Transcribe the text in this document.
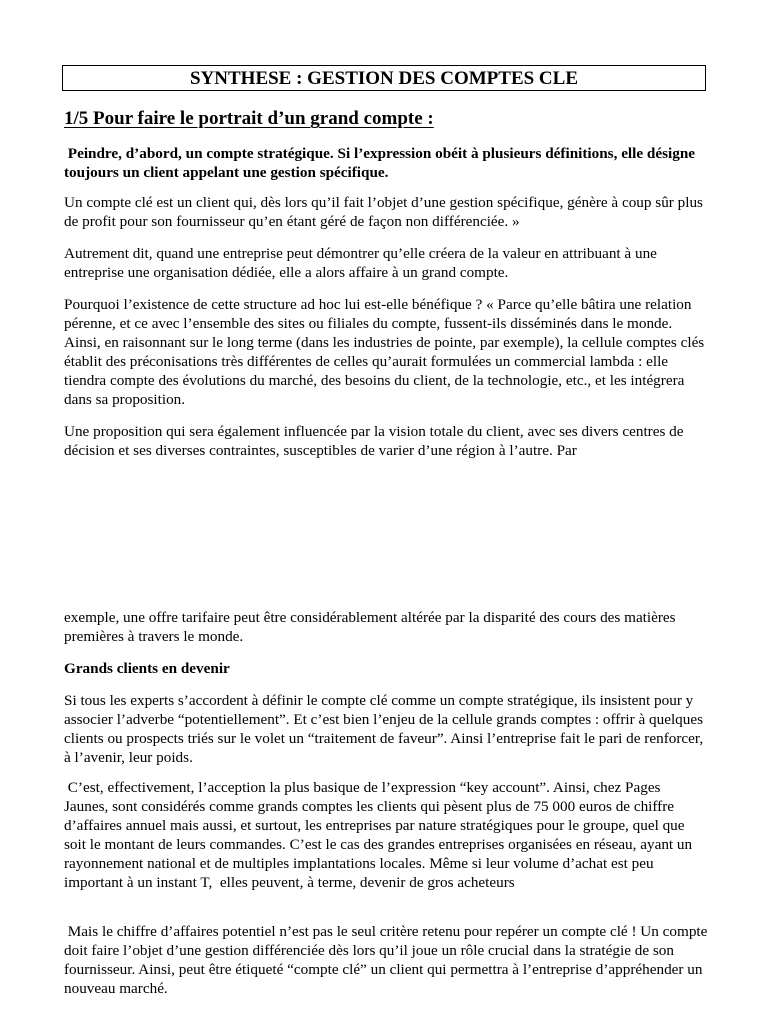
SYNTHESE : GESTION DES COMPTES CLE
1/5 Pour faire le portrait d’un grand compte :

Peindre, d’abord, un compte stratégique. Si l’expression obéit à plusieurs définitions, elle désigne toujours un client appelant une gestion spécifique.

Un compte clé est un client qui, dès lors qu’il fait l’objet d’une gestion spécifique, génère à coup sûr plus de profit pour son fournisseur qu’en étant géré de façon non différenciée. »

Autrement dit, quand une entreprise peut démontrer qu’elle créera de la valeur en attribuant à une entreprise une organisation dédiée, elle a alors affaire à un grand compte.

Pourquoi l’existence de cette structure ad hoc lui est-elle bénéfique ? « Parce qu’elle bâtira une relation pérenne, et ce avec l’ensemble des sites ou filiales du compte, fussent-ils disséminés dans le monde. Ainsi, en raisonnant sur le long terme (dans les industries de pointe, par exemple), la cellule comptes clés établit des préconisations très différentes de celles qu’aurait formulées un commercial lambda : elle tiendra compte des évolutions du marché, des besoins du client, de la technologie, etc., et les intégrera dans sa proposition.

Une proposition qui sera également influencée par la vision totale du client, avec ses divers centres de décision et ses diverses contraintes, susceptibles de varier d’une région à l’autre. Par

exemple, une offre tarifaire peut être considérablement altérée par la disparité des cours des matières premières à travers le monde.

Grands clients en devenir

Si tous les experts s’accordent à définir le compte clé comme un compte stratégique, ils insistent pour y associer l’adverbe “potentiellement”. Et c’est bien l’enjeu de la cellule grands comptes : offrir à quelques clients ou prospects triés sur le volet un “traitement de faveur”. Ainsi l’entreprise fait le pari de renforcer, à l’avenir, leur poids.

C’est, effectivement, l’acception la plus basique de l’expression “key account”. Ainsi, chez Pages Jaunes, sont considérés comme grands comptes les clients qui pèsent plus de 75 000 euros de chiffre d’affaires annuel mais aussi, et surtout, les entreprises par nature stratégiques pour le groupe, quel que soit le montant de leurs commandes. C’est le cas des grandes entreprises organisées en réseau, ayant un rayonnement national et de multiples implantations locales. Même si leur volume d’achat est peu important à un instant T,  elles peuvent, à terme, devenir de gros acheteurs

Mais le chiffre d’affaires potentiel n’est pas le seul critère retenu pour repérer un compte clé ! Un compte doit faire l’objet d’une gestion différenciée dès lors qu’il joue un rôle crucial dans la stratégie de son fournisseur. Ainsi, peut être étiqueté “compte clé” un client qui permettra à l’entreprise d’appréhender un nouveau marché.
